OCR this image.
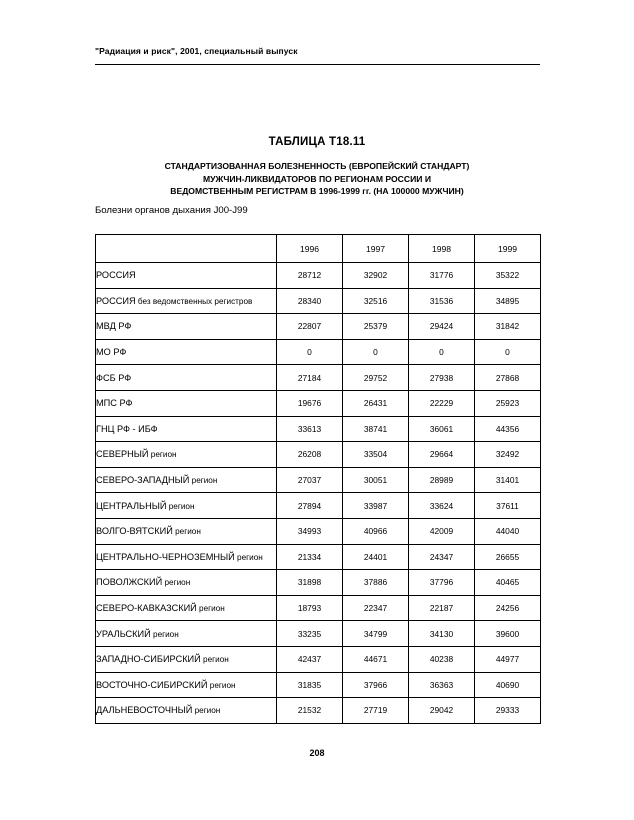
"Радиация и риск", 2001, специальный выпуск
ТАБЛИЦА Т18.11
СТАНДАРТИЗОВАННАЯ БОЛЕЗНЕННОСТЬ (ЕВРОПЕЙСКИЙ СТАНДАРТ)
МУЖЧИН-ЛИКВИДАТОРОВ ПО РЕГИОНАМ РОССИИ И
ВЕДОМСТВЕННЫМ РЕГИСТРАМ В 1996-1999 гг. (НА 100000 МУЖЧИН)
Болезни органов дыхания J00-J99
	1996	1997	1998	1999
РОССИЯ	28712	32902	31776	35322
РОССИЯ без ведомственных регистров	28340	32516	31536	34895
МВД РФ	22807	25379	29424	31842
МО РФ	0	0	0	0
ФСБ РФ	27184	29752	27938	27868
МПС РФ	19676	26431	22229	25923
ГНЦ РФ - ИБФ	33613	38741	36061	44356
СЕВЕРНЫЙ регион	26208	33504	29664	32492
СЕВЕРО-ЗАПАДНЫЙ регион	27037	30051	28989	31401
ЦЕНТРАЛЬНЫЙ регион	27894	33987	33624	37611
ВОЛГО-ВЯТСКИЙ регион	34993	40966	42009	44040
ЦЕНТРАЛЬНО-ЧЕРНОЗЕМНЫЙ регион	21334	24401	24347	26655
ПОВОЛЖСКИЙ регион	31898	37886	37796	40465
СЕВЕРО-КАВКАЗСКИЙ регион	18793	22347	22187	24256
УРАЛЬСКИЙ регион	33235	34799	34130	39600
ЗАПАДНО-СИБИРСКИЙ регион	42437	44671	40238	44977
ВОСТОЧНО-СИБИРСКИЙ регион	31835	37966	36363	40690
ДАЛЬНЕВОСТОЧНЫЙ регион	21532	27719	29042	29333
208
